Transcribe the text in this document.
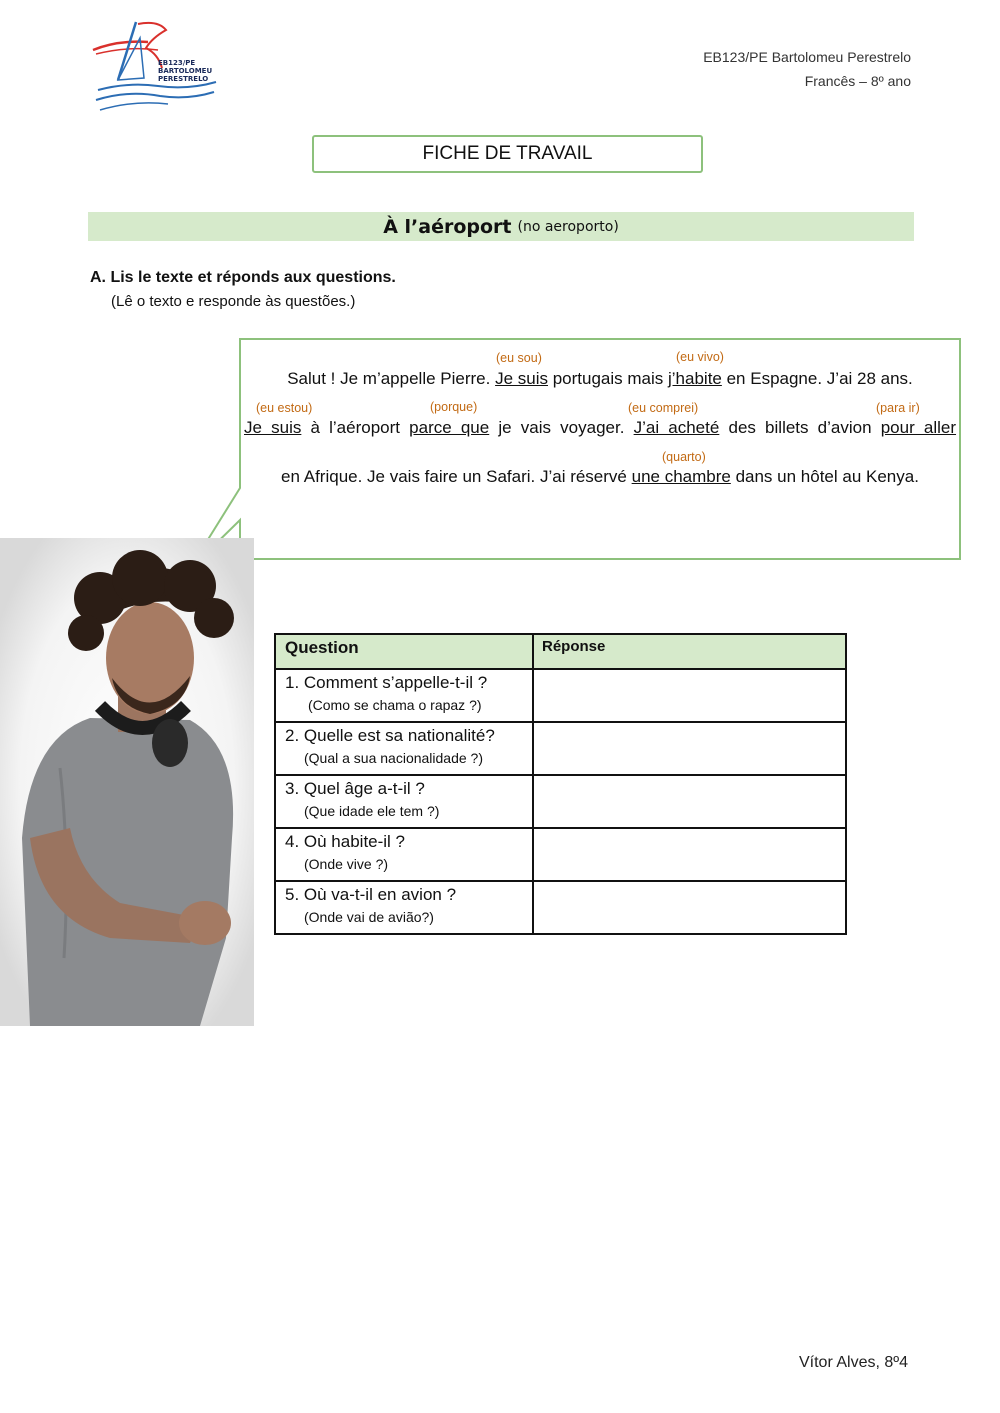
EB123/PE
BARTOLOMEU
PERESTRELO
EB123/PE Bartolomeu Perestrelo
Francês – 8º ano
FICHE DE TRAVAIL
À l’aéroport (no aeroporto)
A. Lis le texte et réponds aux questions.
(Lê o texto e responde às questões.)
(eu sou)	(eu vivo)
(eu estou)	(porque)	(eu comprei)	(para ir)
(quarto)
Salut ! Je m’appelle Pierre. Je suis portugais mais j’habite en Espagne. J’ai 28 ans.
Je suis à l’aéroport parce que je vais voyager. J’ai acheté des billets d’avion pour aller
en Afrique. Je vais faire un Safari. J’ai réservé une chambre dans un hôtel au Kenya.
Question	Réponse

1. Comment s’appelle-t-il ?
(Como se chama o rapaz ?)	

2. Quelle est sa nationalité?
(Qual a sua nacionalidade ?)	

3. Quel âge a-t-il ?
(Que idade ele tem ?)	

4. Où habite-il ?
(Onde vive ?)	

5. Où va-t-il en avion ?
(Onde vai de avião?)	

Vítor Alves, 8º4
